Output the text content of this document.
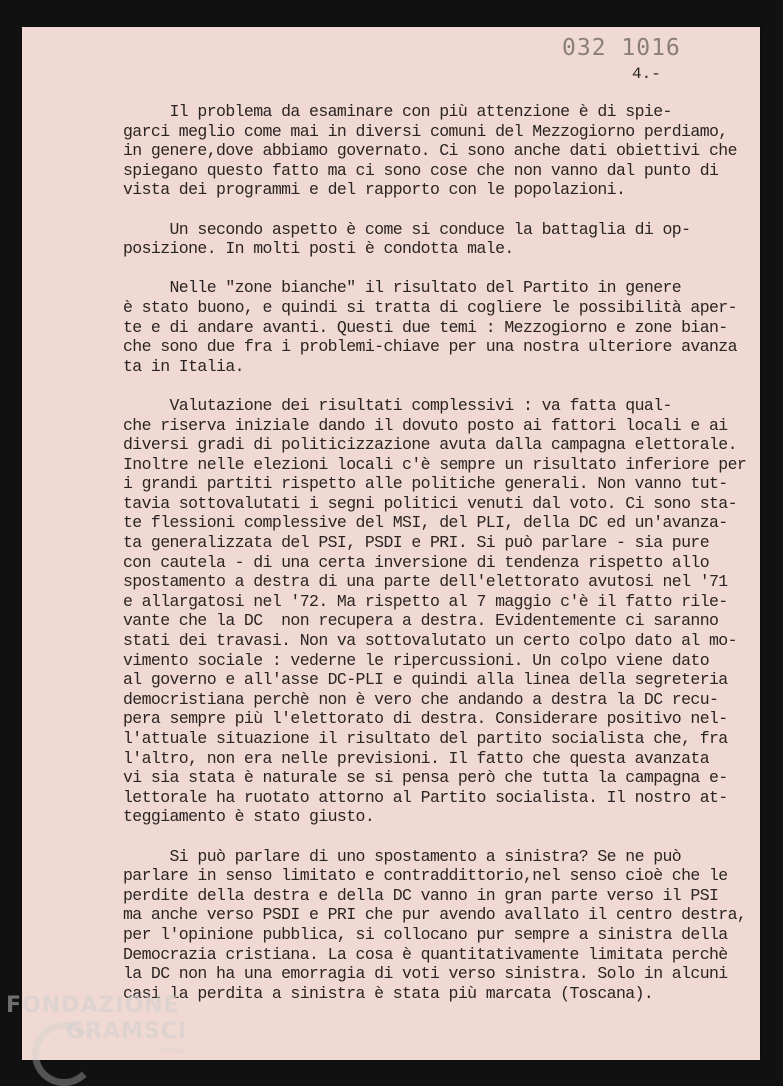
032 1016
4.-
Il problema da esaminare con più attenzione è di spie-
garci meglio come mai in diversi comuni del Mezzogiorno perdiamo,
in genere,dove abbiamo governato. Ci sono anche dati obiettivi che
spiegano questo fatto ma ci sono cose che non vanno dal punto di
vista dei programmi e del rapporto con le popolazioni.
Un secondo aspetto è come si conduce la battaglia di op-
posizione. In molti posti è condotta male.
Nelle "zone bianche" il risultato del Partito in genere
è stato buono, e quindi si tratta di cogliere le possibilità aper-
te e di andare avanti. Questi due temi : Mezzogiorno e zone bian-
che sono due fra i problemi-chiave per una nostra ulteriore avanza
ta in Italia.
Valutazione dei risultati complessivi : va fatta qual-
che riserva iniziale dando il dovuto posto ai fattori locali e ai
diversi gradi di politicizzazione avuta dalla campagna elettorale.
Inoltre nelle elezioni locali c'è sempre un risultato inferiore per
i grandi partiti rispetto alle politiche generali. Non vanno tut-
tavia sottovalutati i segni politici venuti dal voto. Ci sono sta-
te flessioni complessive del MSI, del PLI, della DC ed un'avanza-
ta generalizzata del PSI, PSDI e PRI. Si può parlare - sia pure
con cautela - di una certa inversione di tendenza rispetto allo
spostamento a destra di una parte dell'elettorato avutosi nel '71
e allargatosi nel '72. Ma rispetto al 7 maggio c'è il fatto rile-
vante che la DC  non recupera a destra. Evidentemente ci saranno
stati dei travasi. Non va sottovalutato un certo colpo dato al mo-
vimento sociale : vederne le ripercussioni. Un colpo viene dato
al governo e all'asse DC-PLI e quindi alla linea della segreteria
democristiana perchè non è vero che andando a destra la DC recu-
pera sempre più l'elettorato di destra. Considerare positivo nel-
l'attuale situazione il risultato del partito socialista che, fra
l'altro, non era nelle previsioni. Il fatto che questa avanzata
vi sia stata è naturale se si pensa però che tutta la campagna e-
lettorale ha ruotato attorno al Partito socialista. Il nostro at-
teggiamento è stato giusto.
Si può parlare di uno spostamento a sinistra? Se ne può
parlare in senso limitato e contraddittorio,nel senso cioè che le
perdite della destra e della DC vanno in gran parte verso il PSI
ma anche verso PSDI e PRI che pur avendo avallato il centro destra,
per l'opinione pubblica, si collocano pur sempre a sinistra della
Democrazia cristiana. La cosa è quantitativamente limitata perchè
la DC non ha una emorragia di voti verso sinistra. Solo in alcuni
casi la perdita a sinistra è stata più marcata (Toscana).
FONDAZIONE
GRAMSCI
onlus
